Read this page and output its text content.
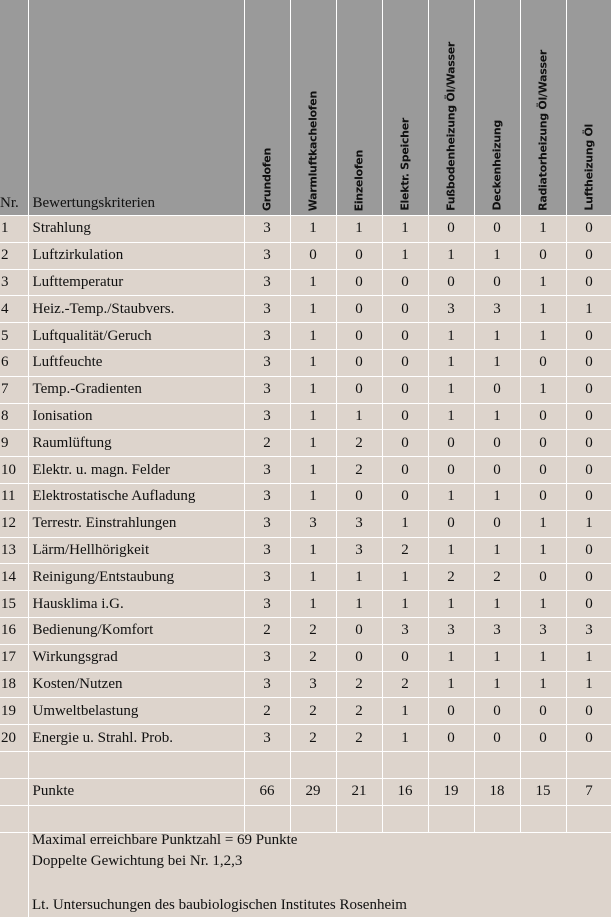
Nr.	Bewertungskriterien	Grundofen	Warmluftkachelofen	Einzelofen	Elektr. Speicher	Fußbodenheizung Öl/Wasser	Deckenheizung	Radiatorheizung Öl/Wasser	Luftheizung Öl

1	Strahlung	3	1	1	1	0	0	1	0
2	Luftzirkulation	3	0	0	1	1	1	0	0
3	Lufttemperatur	3	1	0	0	0	0	1	0
4	Heiz.-Temp./Staubvers.	3	1	0	0	3	3	1	1
5	Luftqualität/Geruch	3	1	0	0	1	1	1	0
6	Luftfeuchte	3	1	0	0	1	1	0	0
7	Temp.-Gradienten	3	1	0	0	1	0	1	0
8	Ionisation	3	1	1	0	1	1	0	0
9	Raumlüftung	2	1	2	0	0	0	0	0
10	Elektr. u. magn. Felder	3	1	2	0	0	0	0	0
11	Elektrostatische Aufladung	3	1	0	0	1	1	0	0
12	Terrestr. Einstrahlungen	3	3	3	1	0	0	1	1
13	Lärm/Hellhörigkeit	3	1	3	2	1	1	1	0
14	Reinigung/Entstaubung	3	1	1	1	2	2	0	0
15	Hausklima i.G.	3	1	1	1	1	1	1	0
16	Bedienung/Komfort	2	2	0	3	3	3	3	3
17	Wirkungsgrad	3	2	0	0	1	1	1	1
18	Kosten/Nutzen	3	3	2	2	1	1	1	1
19	Umweltbelastung	2	2	2	1	0	0	0	0
20	Energie u. Strahl. Prob.	3	2	2	1	0	0	0	0

	Punkte	66	29	21	16	19	18	15	7

Maximal erreichbare Punktzahl = 69 Punkte
Doppelte Gewichtung bei Nr. 1,2,3
Lt. Untersuchungen des baubiologischen Institutes Rosenheim
